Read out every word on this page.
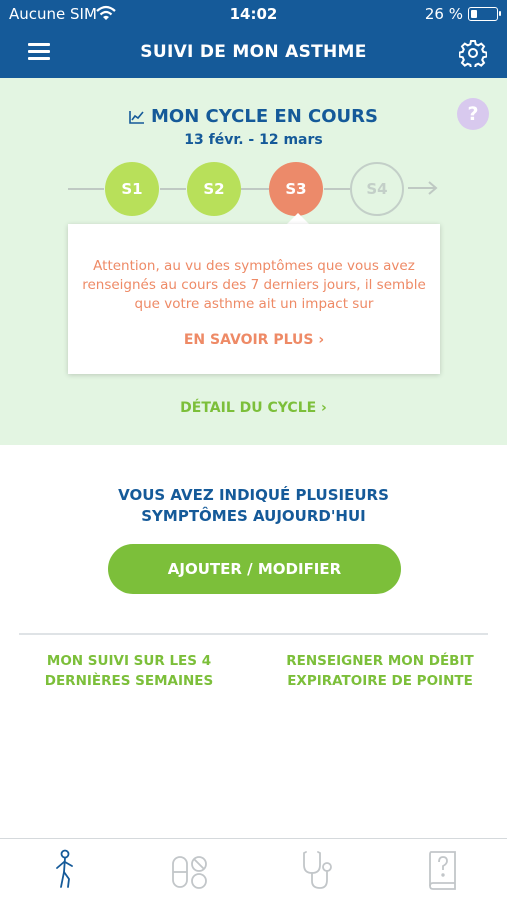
Aucune SIM	14:02	26 %
SUIVI DE MON ASTHME
?
MON CYCLE EN COURS
13 févr. - 12 mars
S1	S2	S3	S4
DÉTAIL DU CYCLE ›
Attention, au vu des symptômes que vous avez renseignés au cours des 7 derniers jours, il semble que votre asthme ait un impact sur
EN SAVOIR PLUS ›
VOUS AVEZ INDIQUÉ PLUSIEURS
SYMPTÔMES AUJOURD'HUI
AJOUTER / MODIFIER
MON SUIVI SUR LES 4
DERNIÈRES SEMAINES
RENSEIGNER MON DÉBIT
EXPIRATOIRE DE POINTE
